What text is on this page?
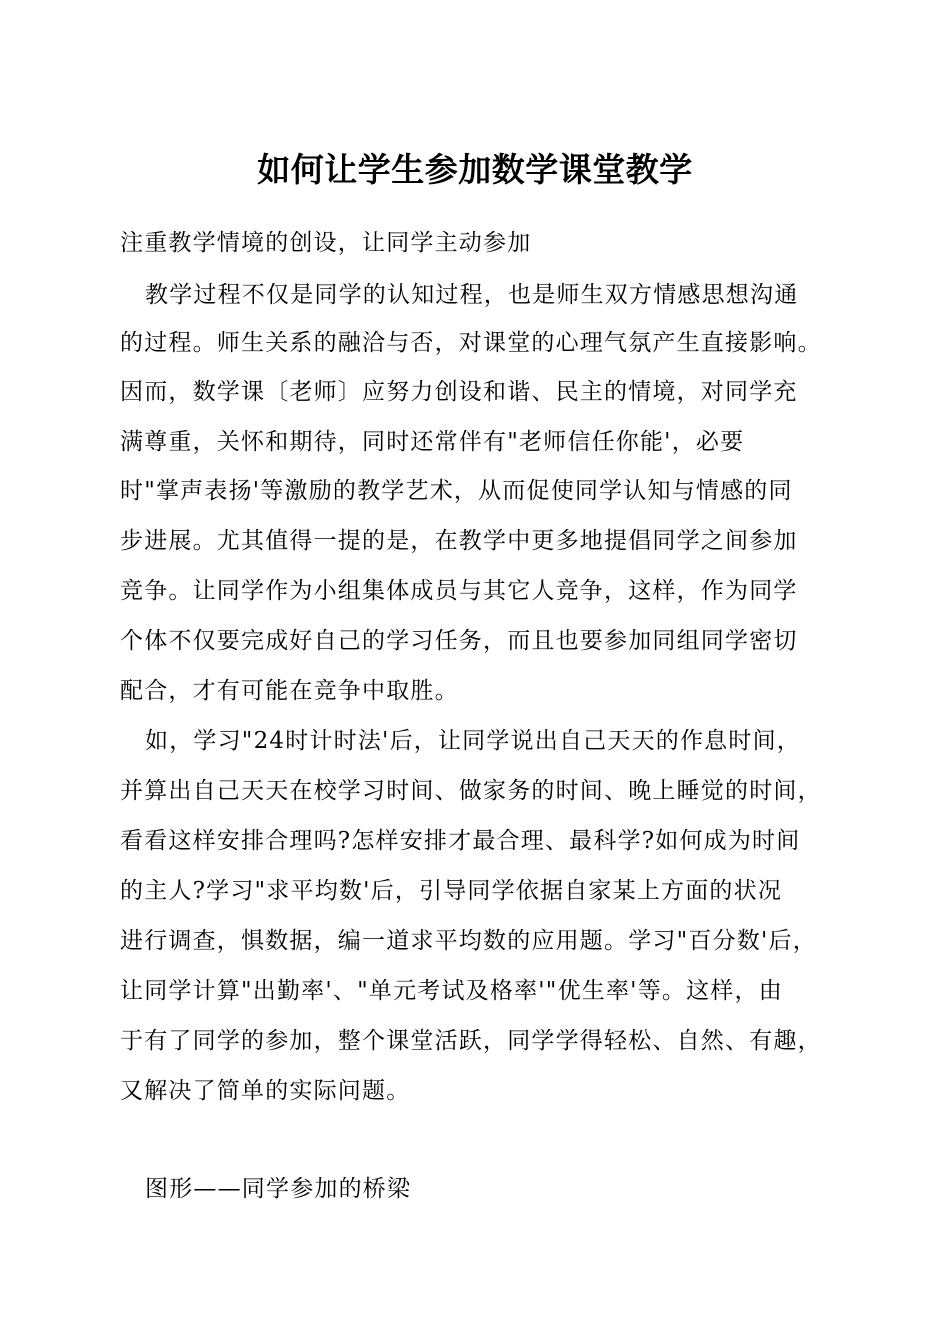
如何让学生参加数学课堂教学
注重教学情境的创设，让同学主动参加
教学过程不仅是同学的认知过程，也是师生双方情感思想沟通
的过程。师生关系的融洽与否，对课堂的心理气氛产生直接影响。
因而，数学课〔老师〕应努力创设和谐、民主的情境，对同学充
满尊重，关怀和期待，同时还常伴有"老师信任你能'，必要
时"掌声表扬'等激励的教学艺术，从而促使同学认知与情感的同
步进展。尤其值得一提的是，在教学中更多地提倡同学之间参加
竞争。让同学作为小组集体成员与其它人竞争，这样，作为同学
个体不仅要完成好自己的学习任务，而且也要参加同组同学密切
配合，才有可能在竞争中取胜。
如，学习"24时计时法'后，让同学说出自己天天的作息时间，
并算出自己天天在校学习时间、做家务的时间、晚上睡觉的时间，
看看这样安排合理吗?怎样安排才最合理、最科学?如何成为时间
的主人?学习"求平均数'后，引导同学依据自家某上方面的状况
进行调查，惧数据，编一道求平均数的应用题。学习"百分数'后，
让同学计算"出勤率'、"单元考试及格率'"优生率'等。这样，由
于有了同学的参加，整个课堂活跃，同学学得轻松、自然、有趣，
又解决了简单的实际问题。
图形——同学参加的桥梁
